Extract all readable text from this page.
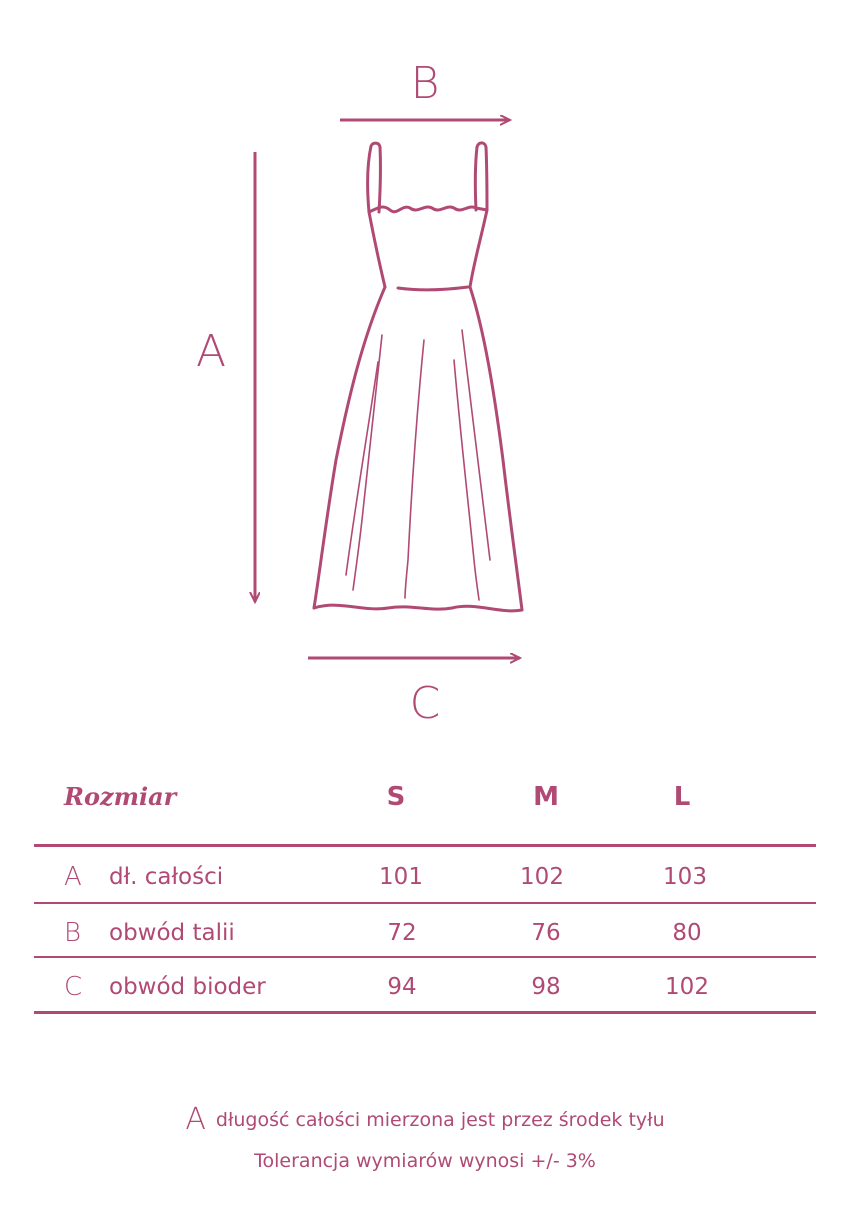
B
A
C
Rozmiar	S	M	L
A dł. całości	101	102	103
B obwód talii	72	76	80
C obwód bioder	94	98	102
Adługość całości mierzona jest przez środek tyłu
Tolerancja wymiarów wynosi +/- 3%
